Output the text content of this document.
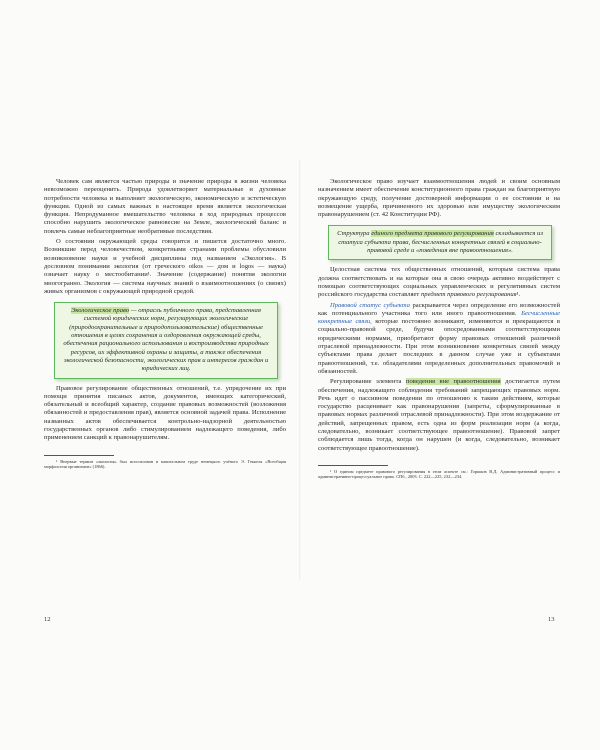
Человек сам является частью природы и значение природы в жизни человека невозможно переоценить. Природа удовлетворяет материальные и духовные потребности человека и выполняет экологическую, экономическую и эстетическую функции. Одной из самых важных в настоящее время является экологическая функция. Непродуманное вмешательство человека в ход природных процессов способно нарушить экологическое равновесие на Земле, экологический баланс и повлечь самые неблагоприятные необратимые последствия.

О состоянии окружающей среды говорится и пишется достаточно много. Возникшие перед человечеством, конкретными странами проблемы обусловили возникновение науки и учебной дисциплины под названием «Экология». В дословном понимании экология (от греческого oikos — дом и logos — наука) означает науку о местообитании¹. Значение (содержание) понятия экологии многогранно. Экология — система научных знаний о взаимоотношениях (о связях) живых организмов с окружающей природной средой.

Экологическое право — отрасль публичного права, представленная системой юридических норм, регулирующих экологические (природоохранительные и природопользовательские) общественные отношения в целях сохранения и оздоровления окружающей среды, обеспечения рационального использования и воспроизводства природных ресурсов, их эффективной охраны и защиты, а также обеспечения экологической безопасности, экологических прав и интересов граждан и юридических лиц.

Правовое регулирование общественных отношений, т.е. упрядочение их при помощи принятия писаных актов, документов, имеющих категорический, обязательный и всеобщий характер, создание правовых возможностей (возложения обязанностей и предоставления прав), является основной задачей права. Исполнение названных актов обеспечивается контрольно-надзорной деятельностью государственных органов либо стимулированием надлежащего поведения, либо применением санкций к правонарушителям.

¹ Впервые термин «экология» был использован в капитальном труде немецкого учёного Э. Геккеля «Всеобщая морфология организмов» (1866).

12

Экологическое право изучает взаимоотношения людей и своим основным назначением имеет обеспечение конституционного права граждан на благоприятную окружающую среду, получение достоверной информации о ее состоянии и на возмещение ущерба, причиненного их здоровью или имуществу экологическим правонарушением (ст. 42 Конституции РФ).

Структура единого предмета правового регулирования складывается из статуса субъекта права, бесчисленных конкретных связей в социально-правовой среде и «поведения вне правоотношения».

Целостная система тех общественных отношений, которым система права должна соответствовать и на которые она в свою очередь активно воздействует с помощью соответствующих социальных управленческих и регулятивных систем российского государства составляет предмет правового регулирования¹.

Правовой статус субъекта раскрывается через определение его возможностей как потенциального участника того или иного правоотношения. Бесчисленные конкретные связи, которые постоянно возникают, изменяются и прекращаются в социально-правовой среде, будучи опосредованными соответствующими юридическими нормами, приобретают форму правовых отношений различной отраслевой принадлежности. При этом возникновение конкретных связей между субъектами права делает последних в данном случае уже и субъектами правоотношений, т.е. обладателями определенных дополнительных правомочий и обязанностей.

Регулирование элемента поведения вне правоотношения достигается путем обеспечения, надлежащего соблюдения требований запрещающих правовых норм. Речь идет о пассивном поведении по отношению к таким действиям, которые государство расценивает как правонарушения (запреты, сформулированные в правовых нормах различной отраслевой принадлежности). При этом воздержание от действий, запрещенных правом, есть одна из форм реализации норм (а когда, следовательно, возникает соответствующее правоотношение). Правовой запрет соблюдается лишь тогда, когда он нарушен (и когда, следовательно, возникает соответствующее правоотношение).

¹ О едином предмете правового регулирования в этом аспекте см.: Горшков В.Д. Административный процесс и административно-процессуальное право. СПб., 2003. С. 222—225, 232—234.

13
